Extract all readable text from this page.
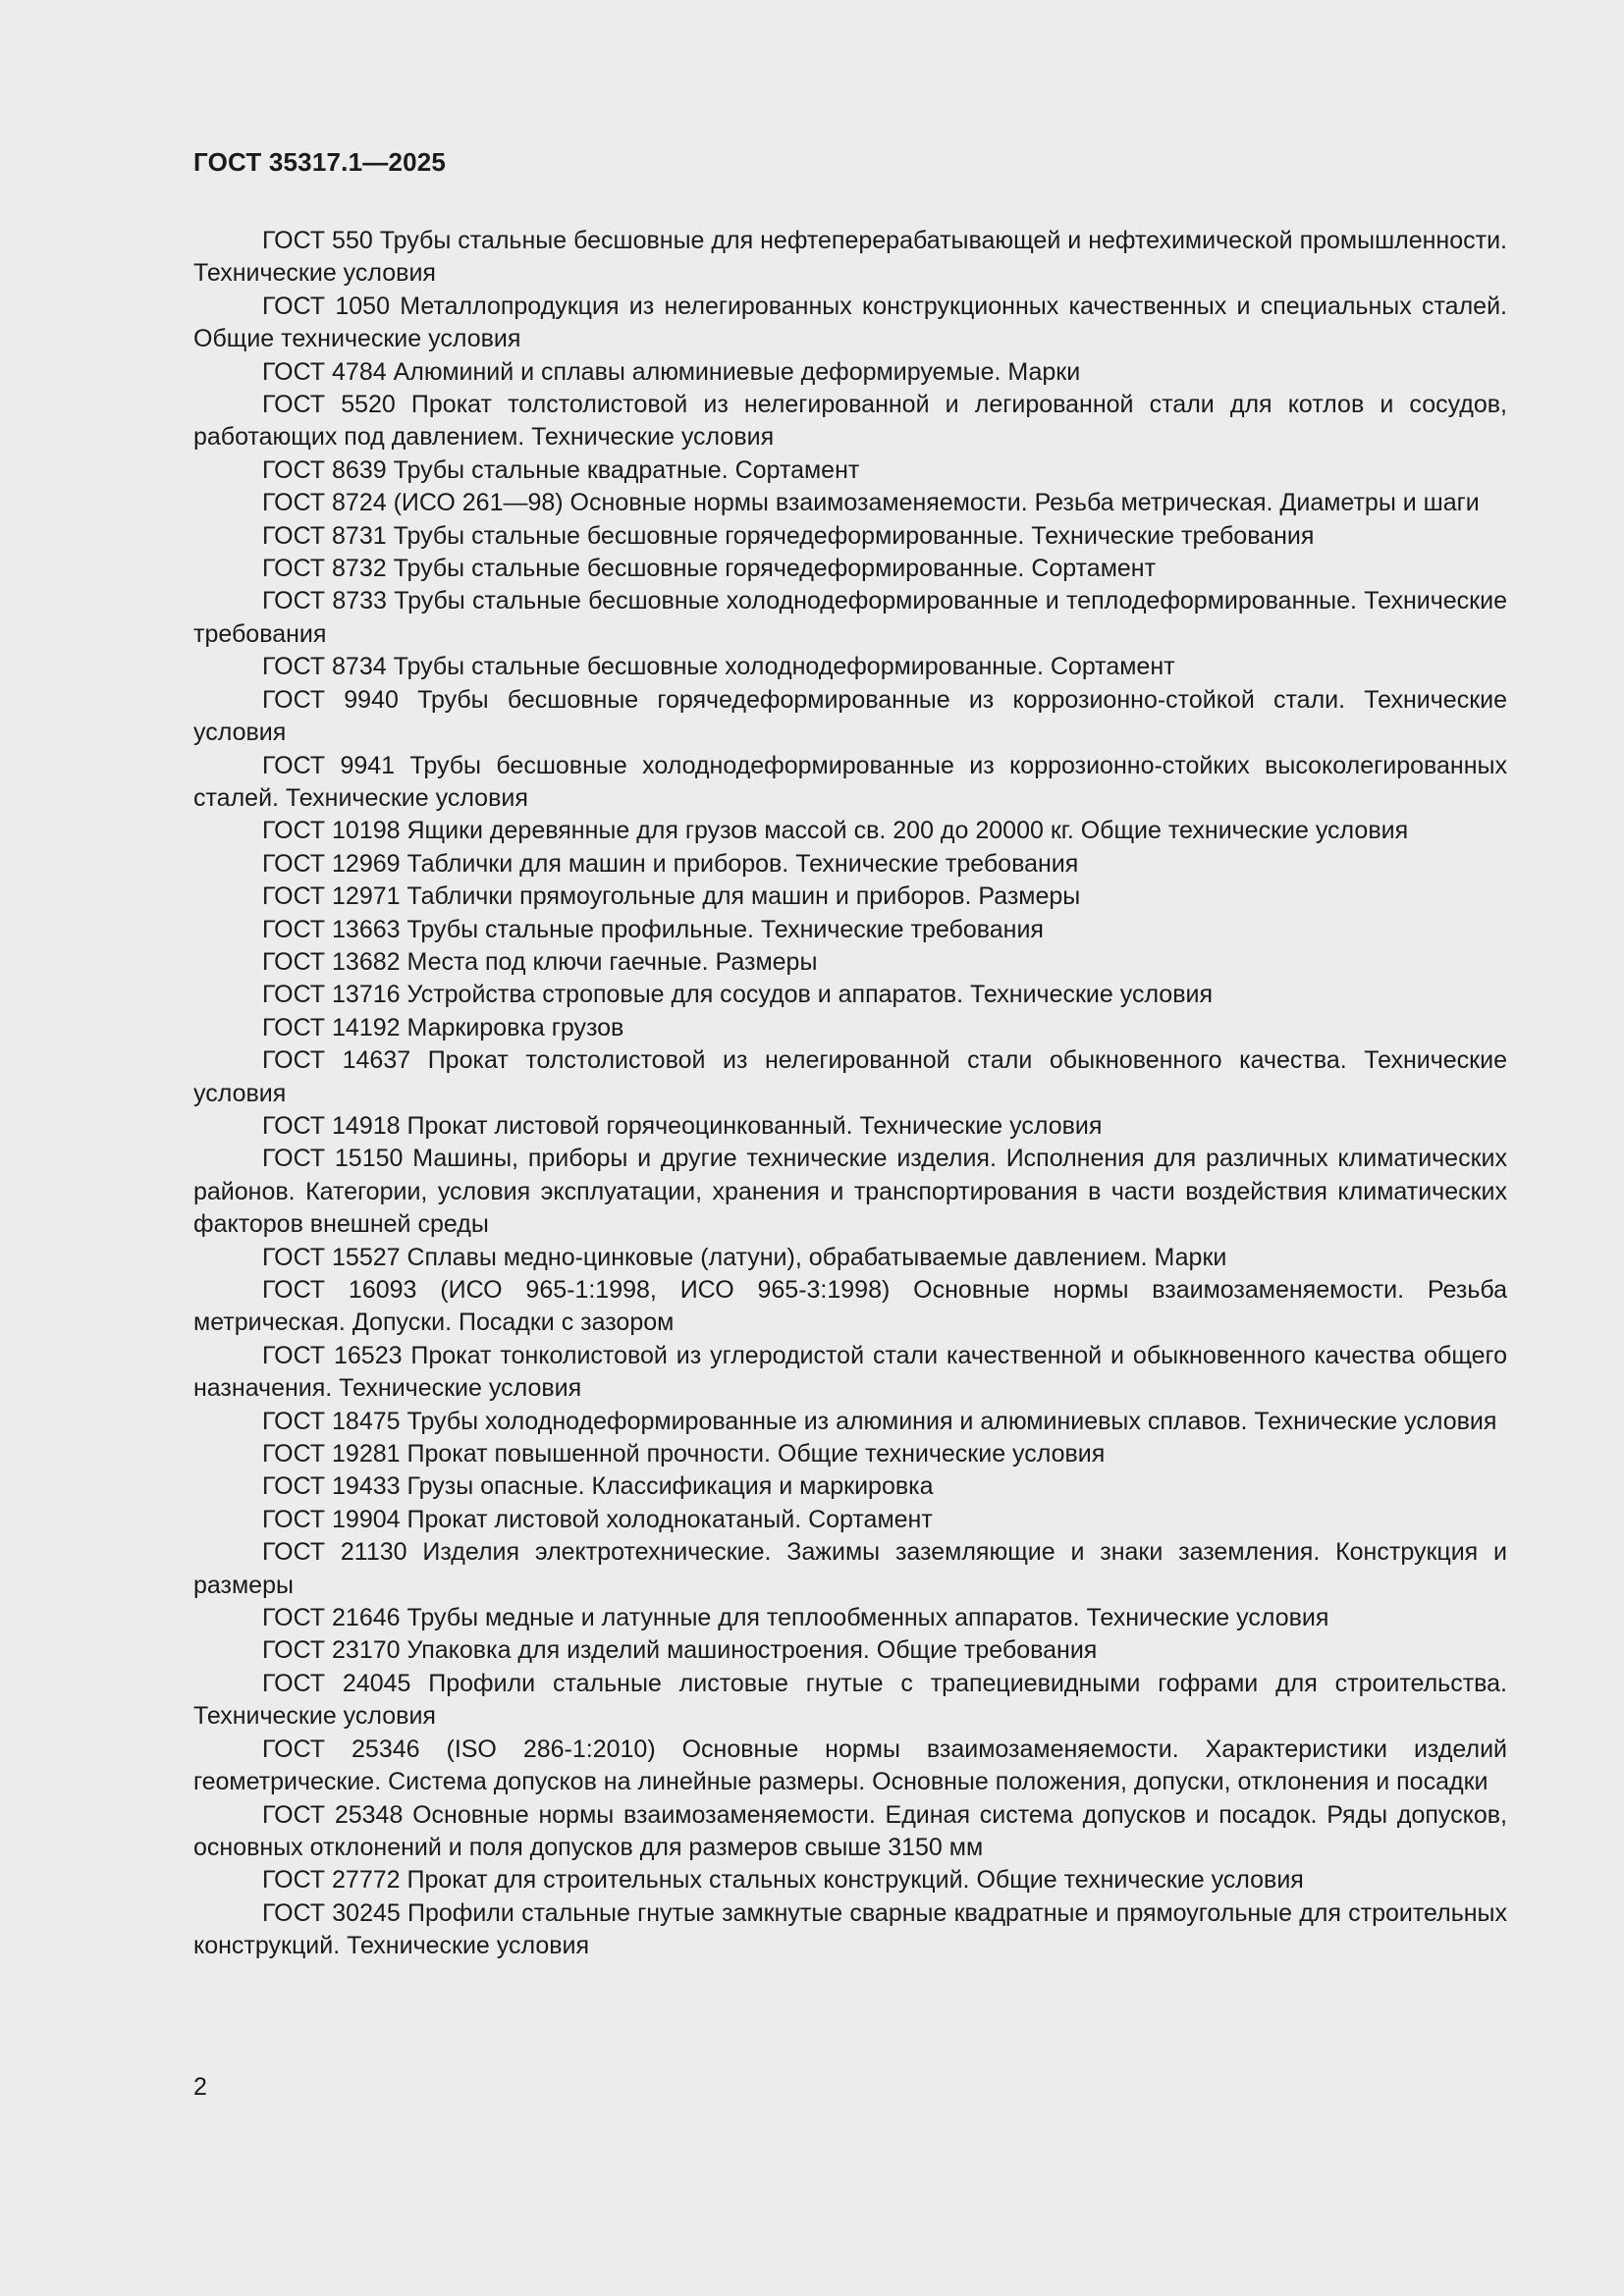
ГОСТ 35317.1—2025

ГОСТ 550 Трубы стальные бесшовные для нефтеперерабатывающей и нефтехимической промышленности. Технические условия

ГОСТ 1050 Металлопродукция из нелегированных конструкционных качественных и специальных сталей. Общие технические условия

ГОСТ 4784 Алюминий и сплавы алюминиевые деформируемые. Марки

ГОСТ 5520 Прокат толстолистовой из нелегированной и легированной стали для котлов и сосудов, работающих под давлением. Технические условия

ГОСТ 8639 Трубы стальные квадратные. Сортамент

ГОСТ 8724 (ИСО 261—98) Основные нормы взаимозаменяемости. Резьба метрическая. Диаметры и шаги

ГОСТ 8731 Трубы стальные бесшовные горячедеформированные. Технические требования

ГОСТ 8732 Трубы стальные бесшовные горячедеформированные. Сортамент

ГОСТ 8733 Трубы стальные бесшовные холоднодеформированные и теплодеформированные. Технические требования

ГОСТ 8734 Трубы стальные бесшовные холоднодеформированные. Сортамент

ГОСТ 9940 Трубы бесшовные горячедеформированные из коррозионно-стойкой стали. Технические условия

ГОСТ 9941 Трубы бесшовные холоднодеформированные из коррозионно-стойких высоколегированных сталей. Технические условия

ГОСТ 10198 Ящики деревянные для грузов массой св. 200 до 20000 кг. Общие технические условия

ГОСТ 12969 Таблички для машин и приборов. Технические требования

ГОСТ 12971 Таблички прямоугольные для машин и приборов. Размеры

ГОСТ 13663 Трубы стальные профильные. Технические требования

ГОСТ 13682 Места под ключи гаечные. Размеры

ГОСТ 13716 Устройства строповые для сосудов и аппаратов. Технические условия

ГОСТ 14192 Маркировка грузов

ГОСТ 14637 Прокат толстолистовой из нелегированной стали обыкновенного качества. Технические условия

ГОСТ 14918 Прокат листовой горячеоцинкованный. Технические условия

ГОСТ 15150 Машины, приборы и другие технические изделия. Исполнения для различных климатических районов. Категории, условия эксплуатации, хранения и транспортирования в части воздействия климатических факторов внешней среды

ГОСТ 15527 Сплавы медно-цинковые (латуни), обрабатываемые давлением. Марки

ГОСТ 16093 (ИСО 965-1:1998, ИСО 965-3:1998) Основные нормы взаимозаменяемости. Резьба метрическая. Допуски. Посадки с зазором

ГОСТ 16523 Прокат тонколистовой из углеродистой стали качественной и обыкновенного качества общего назначения. Технические условия

ГОСТ 18475 Трубы холоднодеформированные из алюминия и алюминиевых сплавов. Технические условия

ГОСТ 19281 Прокат повышенной прочности. Общие технические условия

ГОСТ 19433 Грузы опасные. Классификация и маркировка

ГОСТ 19904 Прокат листовой холоднокатаный. Сортамент

ГОСТ 21130 Изделия электротехнические. Зажимы заземляющие и знаки заземления. Конструкция и размеры

ГОСТ 21646 Трубы медные и латунные для теплообменных аппаратов. Технические условия

ГОСТ 23170 Упаковка для изделий машиностроения. Общие требования

ГОСТ 24045 Профили стальные листовые гнутые с трапециевидными гофрами для строительства. Технические условия

ГОСТ 25346 (ISO 286-1:2010) Основные нормы взаимозаменяемости. Характеристики изделий геометрические. Система допусков на линейные размеры. Основные положения, допуски, отклонения и посадки

ГОСТ 25348 Основные нормы взаимозаменяемости. Единая система допусков и посадок. Ряды допусков, основных отклонений и поля допусков для размеров свыше 3150 мм

ГОСТ 27772 Прокат для строительных стальных конструкций. Общие технические условия

ГОСТ 30245 Профили стальные гнутые замкнутые сварные квадратные и прямоугольные для строительных конструкций. Технические условия

2
